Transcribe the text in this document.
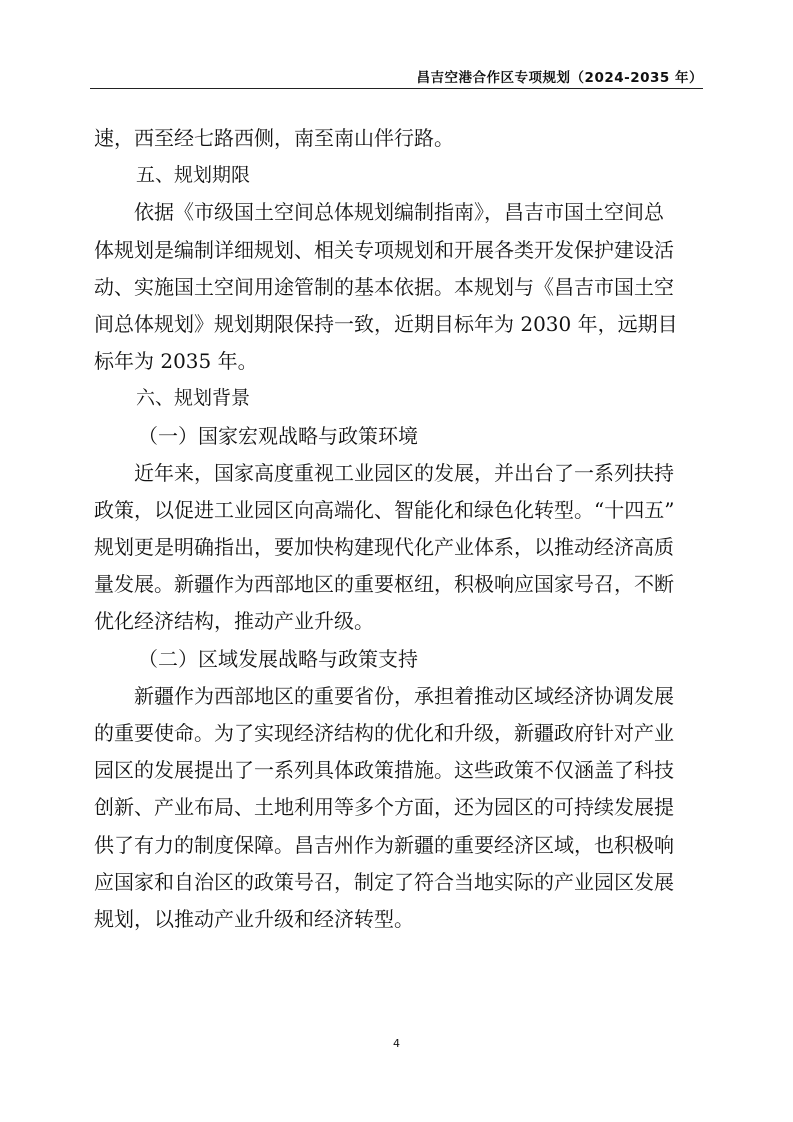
昌吉空港合作区专项规划（2024-2035 年）
速，西至经七路西侧，南至南山伴行路。
五、规划期限
依据《市级国土空间总体规划编制指南》，昌吉市国土空间总
体规划是编制详细规划、相关专项规划和开展各类开发保护建设活
动、实施国土空间用途管制的基本依据。本规划与《昌吉市国土空
间总体规划》规划期限保持一致，近期目标年为 2030 年，远期目
标年为 2035 年。
六、规划背景
（一）国家宏观战略与政策环境
近年来，国家高度重视工业园区的发展，并出台了一系列扶持
政策，以促进工业园区向高端化、智能化和绿色化转型。“十四五”
规划更是明确指出，要加快构建现代化产业体系，以推动经济高质
量发展。新疆作为西部地区的重要枢纽，积极响应国家号召，不断
优化经济结构，推动产业升级。
（二）区域发展战略与政策支持
新疆作为西部地区的重要省份，承担着推动区域经济协调发展
的重要使命。为了实现经济结构的优化和升级，新疆政府针对产业
园区的发展提出了一系列具体政策措施。这些政策不仅涵盖了科技
创新、产业布局、土地利用等多个方面，还为园区的可持续发展提
供了有力的制度保障。昌吉州作为新疆的重要经济区域，也积极响
应国家和自治区的政策号召，制定了符合当地实际的产业园区发展
规划，以推动产业升级和经济转型。
4
